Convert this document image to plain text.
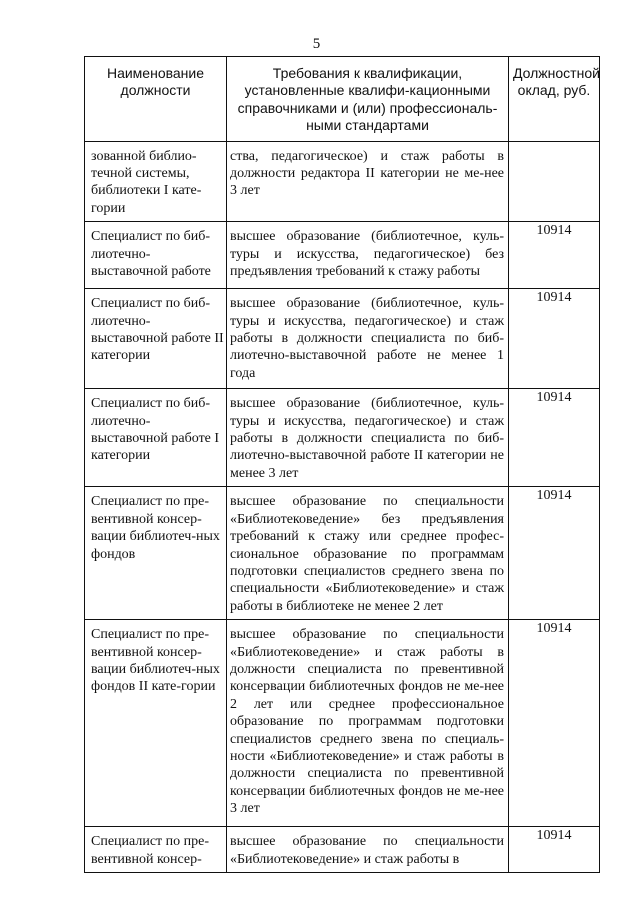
5
Наименование должности	Требования к квалификации, установленные квалифи-кационными справочниками и (или) профессиональ-ными стандартами	Должностной оклад, руб.
зованной библио-течной системы, библиотеки I кате-гории	ства, педагогическое) и стаж работы в должности редактора II категории не ме-нее 3 лет	
Специалист по биб-лиотечно-выставочной работе	высшее образование (библиотечное, куль-туры и искусства, педагогическое) без предъявления требований к стажу работы	10914
Специалист по биб-лиотечно-выставочной работе II категории	высшее образование (библиотечное, куль-туры и искусства, педагогическое) и стаж работы в должности специалиста по биб-лиотечно-выставочной работе не менее 1 года	10914
Специалист по биб-лиотечно-выставочной работе I категории	высшее образование (библиотечное, куль-туры и искусства, педагогическое) и стаж работы в должности специалиста по биб-лиотечно-выставочной работе II категории не менее 3 лет	10914
Специалист по пре-вентивной консер-вации библиотеч-ных фондов	высшее образование по специальности «Библиотековедение» без предъявления требований к стажу или среднее профес-сиональное образование по программам подготовки специалистов среднего звена по специальности «Библиотековедение» и стаж работы в библиотеке не менее 2 лет	10914
Специалист по пре-вентивной консер-вации библиотеч-ных фондов II кате-гории	высшее образование по специальности «Библиотековедение» и стаж работы в должности специалиста по превентивной консервации библиотечных фондов не ме-нее 2 лет или среднее профессиональное образование по программам подготовки специалистов среднего звена по специаль-ности «Библиотековедение» и стаж работы в должности специалиста по превентивной консервации библиотечных фондов не ме-нее 3 лет	10914
Специалист по пре-вентивной консер-	высшее образование по специальности «Библиотековедение» и стаж работы в	10914
